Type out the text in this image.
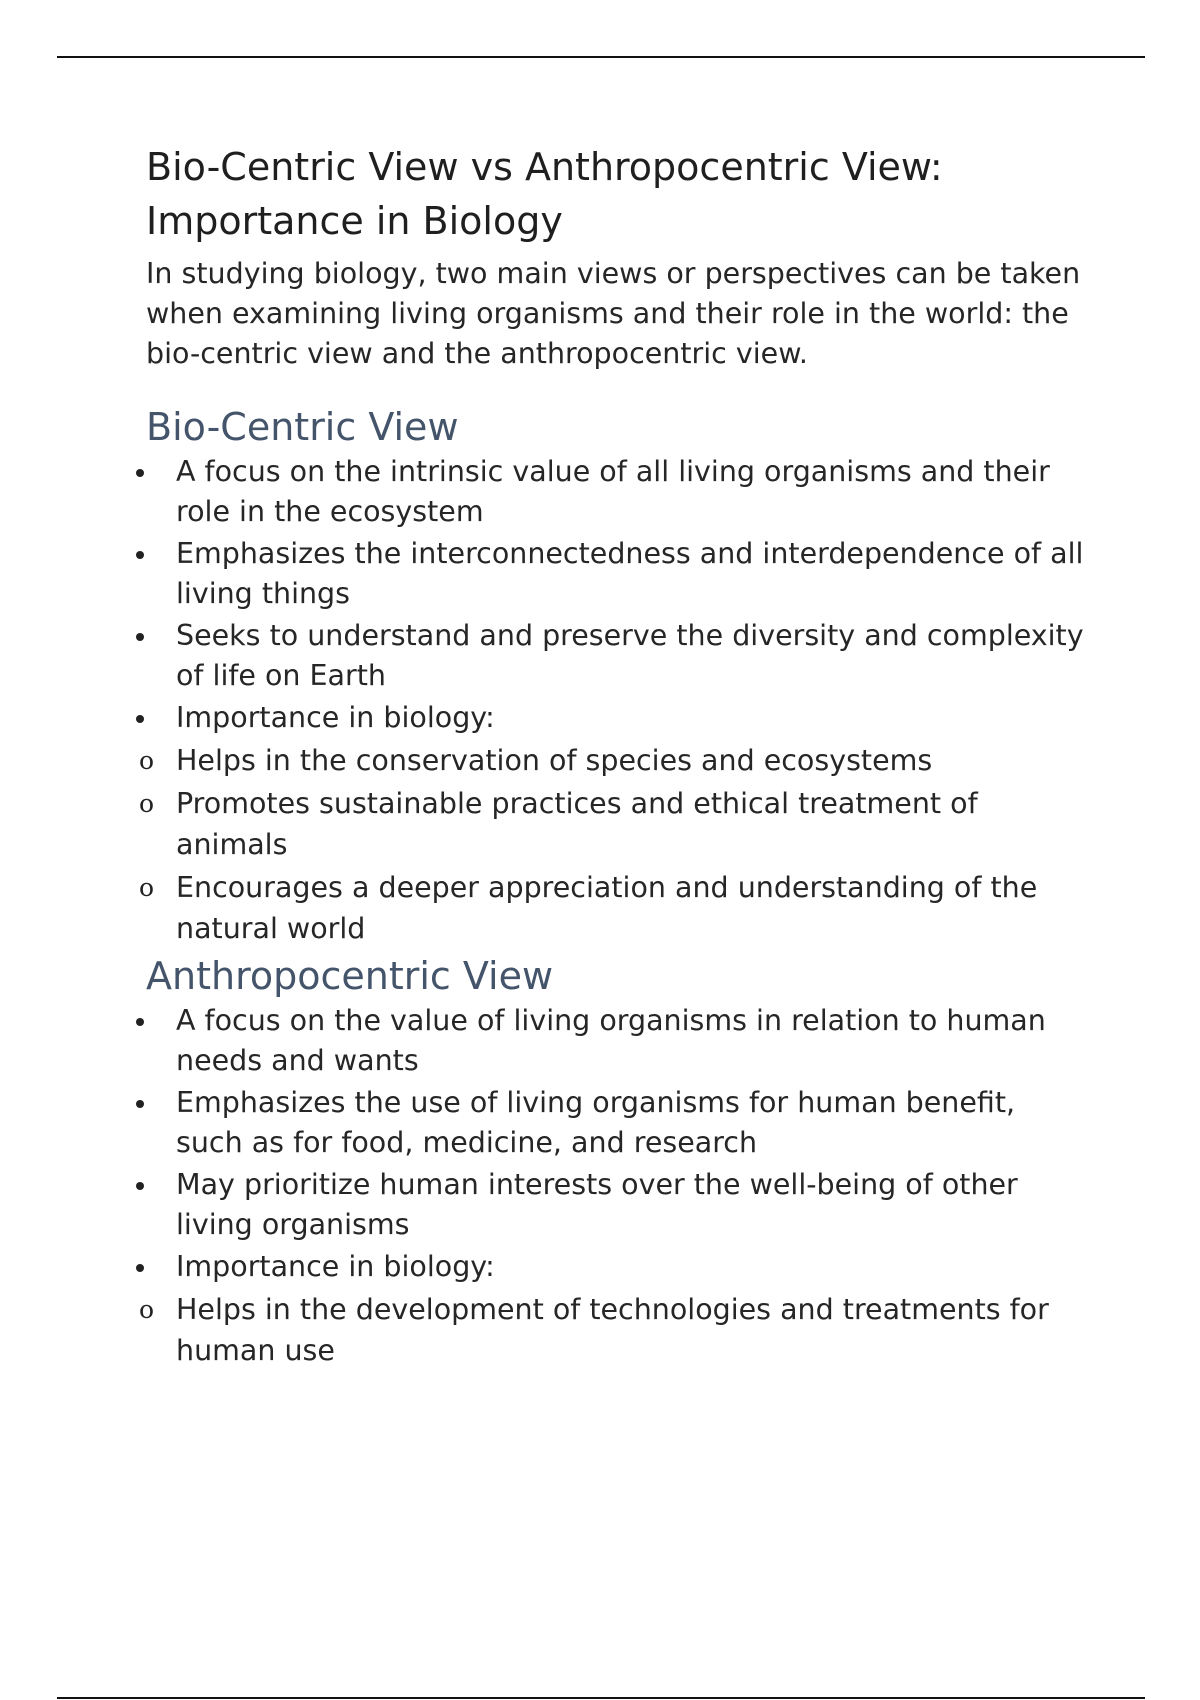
Bio-Centric View vs Anthropocentric View: Importance in Biology

In studying biology, two main views or perspectives can be taken when examining living organisms and their role in the world: the bio-centric view and the anthropocentric view.

Bio-Centric View
A focus on the intrinsic value of all living organisms and their role in the ecosystem
Emphasizes the interconnectedness and interdependence of all living things
Seeks to understand and preserve the diversity and complexity of life on Earth
Importance in biology:
o Helps in the conservation of species and ecosystems
o Promotes sustainable practices and ethical treatment of animals
o Encourages a deeper appreciation and understanding of the natural world
Anthropocentric View
A focus on the value of living organisms in relation to human needs and wants
Emphasizes the use of living organisms for human benefit, such as for food, medicine, and research
May prioritize human interests over the well-being of other living organisms
Importance in biology:
o Helps in the development of technologies and treatments for human use
